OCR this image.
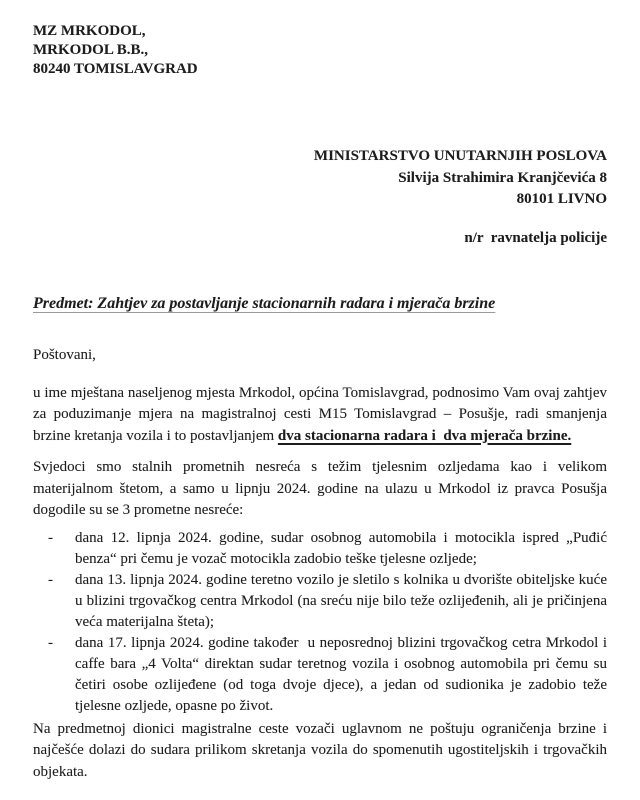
MZ MRKODOL,
MRKODOL B.B.,
80240 TOMISLAVGRAD
MINISTARSTVO UNUTARNJIH POSLOVA
Silvija Strahimira Kranjčevića 8
80101 LIVNO
n/r  ravnatelja policije
Predmet: Zahtjev za postavljanje stacionarnih radara i mjerača brzine
Poštovani,
u ime mještana naseljenog mjesta Mrkodol, općina Tomislavgrad, podnosimo Vam ovaj zahtjev za poduzimanje mjera na magistralnoj cesti M15 Tomislavgrad – Posušje, radi smanjenja brzine kretanja vozila i to postavljanjem dva stacionarna radara i  dva mjerača brzine.
Svjedoci smo stalnih prometnih nesreća s težim tjelesnim ozljedama kao i velikom materijalnom štetom, a samo u lipnju 2024. godine na ulazu u Mrkodol iz pravca Posušja dogodile su se 3 prometne nesreće:
-	dana 12. lipnja 2024. godine, sudar osobnog automobila i motocikla ispred „Puđić benza“ pri čemu je vozač motocikla zadobio teške tjelesne ozljede;
-	dana 13. lipnja 2024. godine teretno vozilo je sletilo s kolnika u dvorište obiteljske kuće u blizini trgovačkog centra Mrkodol (na sreću nije bilo teže ozlijeđenih, ali je pričinjena veća materijalna šteta);
-	dana 17. lipnja 2024. godine također  u neposrednoj blizini trgovačkog cetra Mrkodol i caffe bara „4 Volta“ direktan sudar teretnog vozila i osobnog automobila pri čemu su četiri osobe ozlijeđene (od toga dvoje djece), a jedan od sudionika je zadobio teže tjelesne ozljede, opasne po život.
Na predmetnoj dionici magistralne ceste vozači uglavnom ne poštuju ograničenja brzine i najčešće dolazi do sudara prilikom skretanja vozila do spomenutih ugostiteljskih i trgovačkih objekata.
